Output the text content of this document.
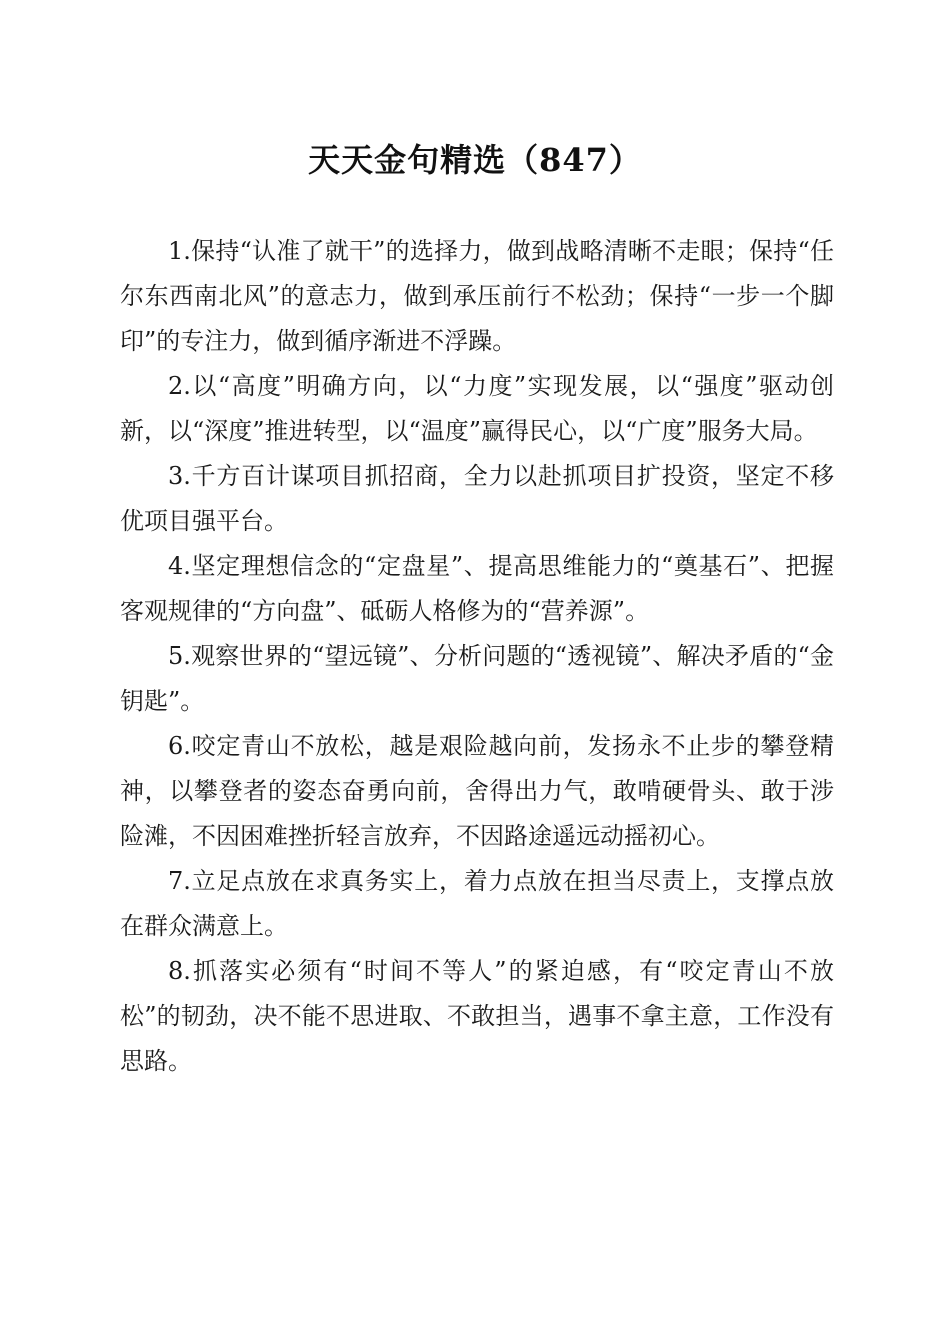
天天金句精选（847）

1.保持“认准了就干”的选择力，做到战略清晰不走眼；保持“任尔东西南北风”的意志力，做到承压前行不松劲；保持“一步一个脚印”的专注力，做到循序渐进不浮躁。

2.以“高度”明确方向，以“力度”实现发展，以“强度”驱动创新，以“深度”推进转型，以“温度”赢得民心，以“广度”服务大局。

3.千方百计谋项目抓招商，全力以赴抓项目扩投资，坚定不移优项目强平台。

4.坚定理想信念的“定盘星”、提高思维能力的“奠基石”、把握客观规律的“方向盘”、砥砺人格修为的“营养源”。

5.观察世界的“望远镜”、分析问题的“透视镜”、解决矛盾的“金钥匙”。

6.咬定青山不放松，越是艰险越向前，发扬永不止步的攀登精神，以攀登者的姿态奋勇向前，舍得出力气，敢啃硬骨头、敢于涉险滩，不因困难挫折轻言放弃，不因路途遥远动摇初心。

7.立足点放在求真务实上，着力点放在担当尽责上，支撑点放在群众满意上。

8.抓落实必须有“时间不等人”的紧迫感，有“咬定青山不放松”的韧劲，决不能不思进取、不敢担当，遇事不拿主意，工作没有思路。
